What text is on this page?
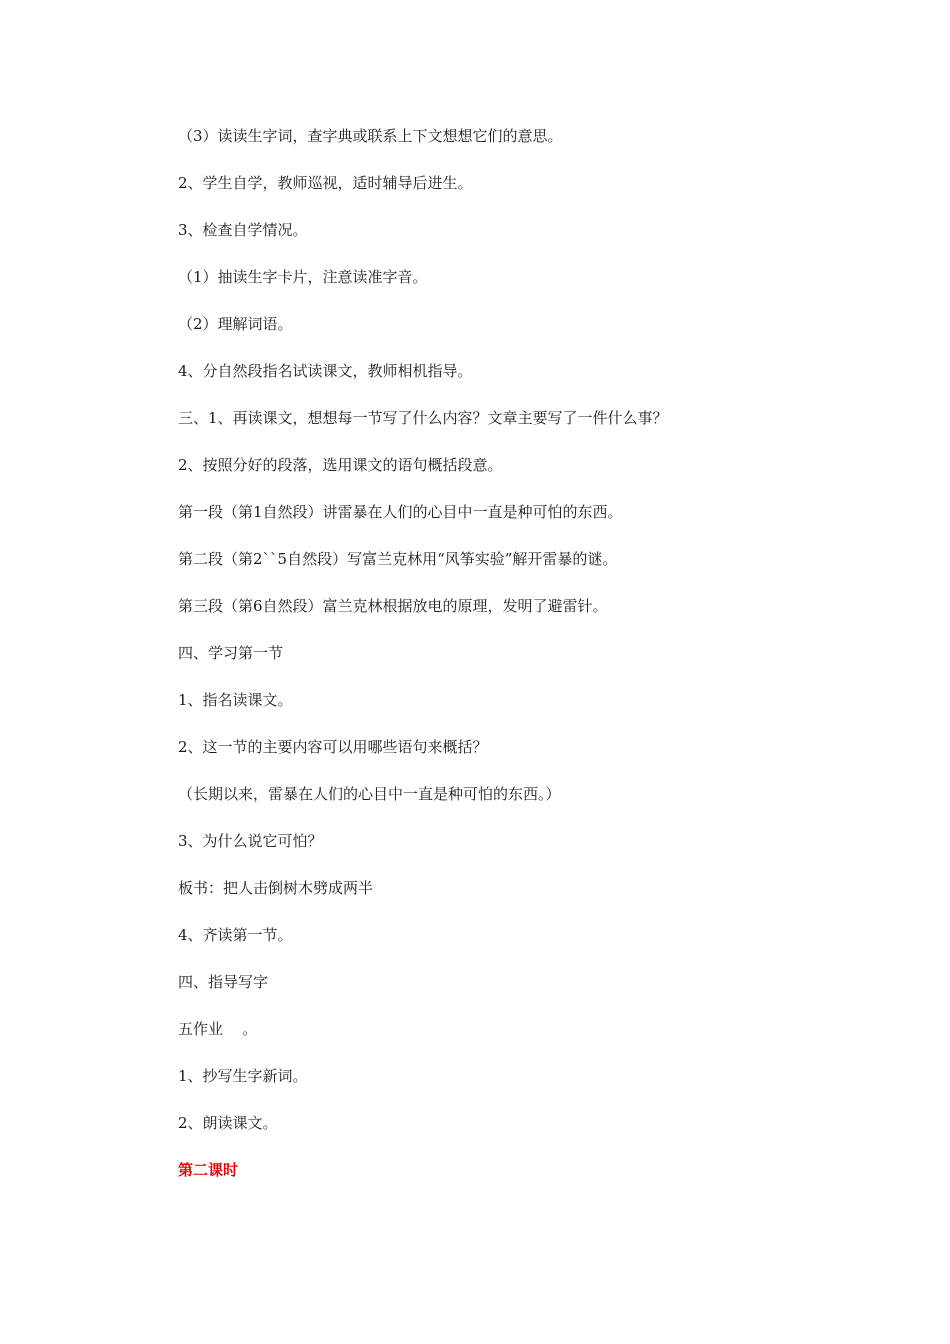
（3）读读生字词，查字典或联系上下文想想它们的意思。
2、学生自学，教师巡视，适时辅导后进生。
3、检查自学情况。
（1）抽读生字卡片，注意读准字音。
（2）理解词语。
4、分自然段指名试读课文，教师相机指导。
三、1、再读课文，想想每一节写了什么内容？文章主要写了一件什么事？
2、按照分好的段落，选用课文的语句概括段意。
第一段（第1自然段）讲雷暴在人们的心目中一直是种可怕的东西。
第二段（第2``5自然段）写富兰克林用“风筝实验”解开雷暴的谜。
第三段（第6自然段）富兰克林根据放电的原理，发明了避雷针。
四、学习第一节
1、指名读课文。
2、这一节的主要内容可以用哪些语句来概括？
（长期以来，雷暴在人们的心目中一直是种可怕的东西。）
3、为什么说它可怕？
板书：把人击倒树木劈成两半
4、齐读第一节。
四、指导写字
五作业    。
1、抄写生字新词。
2、朗读课文。
第二课时
